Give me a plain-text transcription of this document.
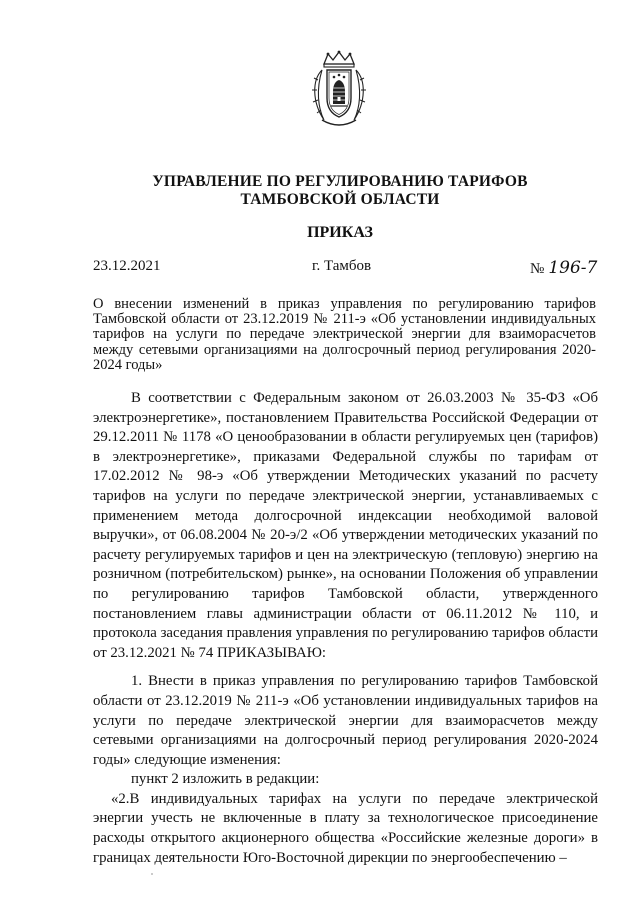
УПРАВЛЕНИЕ ПО РЕГУЛИРОВАНИЮ ТАРИФОВ
ТАМБОВСКОЙ ОБЛАСТИ
ПРИКАЗ
23.12.2021	г. Тамбов	№ 196-7
О внесении изменений в приказ управления по регулированию тарифов Тамбовской области от 23.12.2019 № 211-э «Об установлении индивидуальных тарифов на услуги по передаче электрической энергии для взаиморасчетов между сетевыми организациями на долгосрочный период регулирования 2020-2024 годы»

В соответствии с Федеральным законом от 26.03.2003 № 35-ФЗ «Об электроэнергетике», постановлением Правительства Российской Федерации от 29.12.2011 № 1178 «О ценообразовании в области регулируемых цен (тарифов) в электроэнергетике», приказами Федеральной службы по тарифам от 17.02.2012 № 98-э «Об утверждении Методических указаний по расчету тарифов на услуги по передаче электрической энергии, устанавливаемых с применением метода долгосрочной индексации необходимой валовой выручки», от 06.08.2004 № 20-э/2 «Об утверждении методических указаний по расчету регулируемых тарифов и цен на электрическую (тепловую) энергию на розничном (потребительском) рынке», на основании Положения об управлении по регулированию тарифов Тамбовской области, утвержденного постановлением главы администрации области от 06.11.2012 № 110, и протокола заседания правления управления по регулированию тарифов области от 23.12.2021 № 74 ПРИКАЗЫВАЮ:

1. Внести в приказ управления по регулированию тарифов Тамбовской области от 23.12.2019 № 211-э «Об установлении индивидуальных тарифов на услуги по передаче электрической энергии для взаиморасчетов между сетевыми организациями на долгосрочный период регулирования 2020-2024 годы» следующие изменения:

пункт 2 изложить в редакции:

«2.В индивидуальных тарифах на услуги по передаче электрической энергии учесть не включенные в плату за технологическое присоединение расходы открытого акционерного общества «Российские железные дороги» в границах деятельности Юго-Восточной дирекции по энергообеспечению –
